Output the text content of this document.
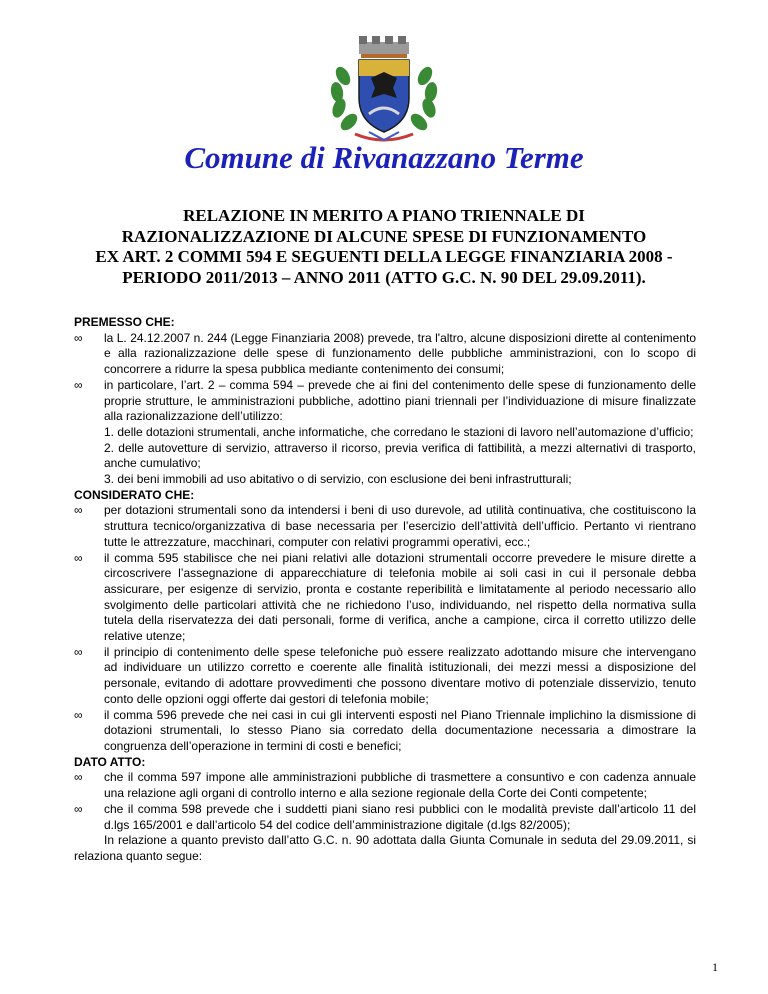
Comune di Rivanazzano Terme
RELAZIONE IN MERITO A PIANO TRIENNALE DI
RAZIONALIZZAZIONE DI ALCUNE SPESE DI FUNZIONAMENTO
EX ART. 2 COMMI 594 E SEGUENTI DELLA LEGGE FINANZIARIA 2008 -
PERIODO 2011/2013 – ANNO 2011 (ATTO G.C. N. 90 DEL 29.09.2011).

PREMESSO CHE:

∞ la L. 24.12.2007 n. 244 (Legge Finanziaria 2008) prevede, tra l'altro, alcune disposizioni dirette al contenimento e alla razionalizzazione delle spese di funzionamento delle pubbliche amministrazioni, con lo scopo di concorrere a ridurre la spesa pubblica mediante contenimento dei consumi;
∞ in particolare, l’art. 2 – comma 594 – prevede che ai fini del contenimento delle spese di funzionamento delle proprie strutture, le amministrazioni pubbliche, adottino piani triennali per l’individuazione di misure finalizzate alla razionalizzazione dell’utilizzo:

1. delle dotazioni strumentali, anche informatiche, che corredano le stazioni di lavoro nell’automazione d’ufficio;

2. delle autovetture di servizio, attraverso il ricorso, previa verifica di fattibilità, a mezzi alternativi di trasporto, anche cumulativo;

3. dei beni immobili ad uso abitativo o di servizio, con esclusione dei beni infrastrutturali;

CONSIDERATO CHE:

∞ per dotazioni strumentali sono da intendersi i beni di uso durevole, ad utilità continuativa, che costituiscono la struttura tecnico/organizzativa di base necessaria per l’esercizio dell’attività dell’ufficio. Pertanto vi rientrano tutte le attrezzature, macchinari, computer con relativi programmi operativi, ecc.;
∞ il comma 595 stabilisce che nei piani relativi alle dotazioni strumentali occorre prevedere le misure dirette a circoscrivere l’assegnazione di apparecchiature di telefonia mobile ai soli casi in cui il personale debba assicurare, per esigenze di servizio, pronta e costante reperibilità e limitatamente al periodo necessario allo svolgimento delle particolari attività che ne richiedono l’uso, individuando, nel rispetto della normativa sulla tutela della riservatezza dei dati personali, forme di verifica, anche a campione, circa il corretto utilizzo delle relative utenze;
∞ il principio di contenimento delle spese telefoniche può essere realizzato adottando misure che intervengano ad individuare un utilizzo corretto e coerente alle finalità istituzionali, dei mezzi messi a disposizione del personale, evitando di adottare provvedimenti che possono diventare motivo di potenziale disservizio, tenuto conto delle opzioni oggi offerte dai gestori di telefonia mobile;
∞ il comma 596 prevede che nei casi in cui gli interventi esposti nel Piano Triennale implichino la dismissione di dotazioni strumentali, lo stesso Piano sia corredato della documentazione necessaria a dimostrare la congruenza dell’operazione in termini di costi e benefici;

DATO ATTO:

∞ che il comma 597 impone alle amministrazioni pubbliche di trasmettere a consuntivo e con cadenza annuale una relazione agli organi di controllo interno e alla sezione regionale della Corte dei Conti competente;
∞ che il comma 598 prevede che i suddetti piani siano resi pubblici con le modalità previste dall’articolo 11 del d.lgs 165/2001 e dall’articolo 54 del codice dell’amministrazione digitale (d.lgs 82/2005);

In relazione a quanto previsto dall’atto G.C. n. 90 adottata dalla Giunta Comunale in seduta del 29.09.2011, si relaziona quanto segue:

1
